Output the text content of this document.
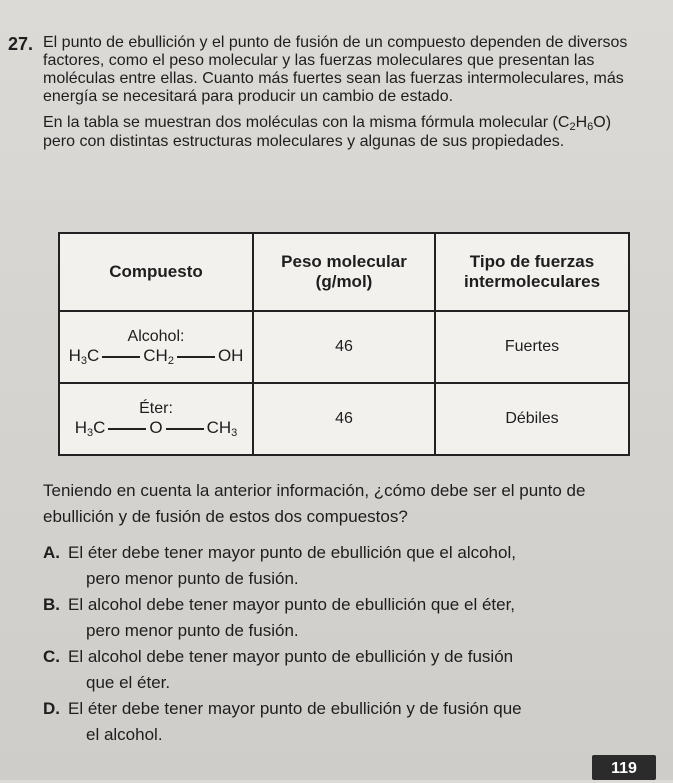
27. El punto de ebullición y el punto de fusión de un compuesto dependen de diversos factores, como el peso molecular y las fuerzas moleculares que presentan las moléculas entre ellas. Cuanto más fuertes sean las fuerzas intermoleculares, más energía se necesitará para producir un cambio de estado.

En la tabla se muestran dos moléculas con la misma fórmula molecular (C2H6O) pero con distintas estructuras moleculares y algunas de sus propiedades.

Compuesto	Peso molecular (g/mol)	Tipo de fuerzas intermoleculares

Alcohol:
H3C CH2 OH	46	Fuertes

Éter:
H3C O CH3	46	Débiles
Teniendo en cuenta la anterior información, ¿cómo debe ser el punto de ebullición y de fusión de estos dos compuestos?
A. El éter debe tener mayor punto de ebullición que el alcohol,
pero menor punto de fusión.
B. El alcohol debe tener mayor punto de ebullición que el éter,
pero menor punto de fusión.
C. El alcohol debe tener mayor punto de ebullición y de fusión
que el éter.
D. El éter debe tener mayor punto de ebullición y de fusión que
el alcohol.
119
